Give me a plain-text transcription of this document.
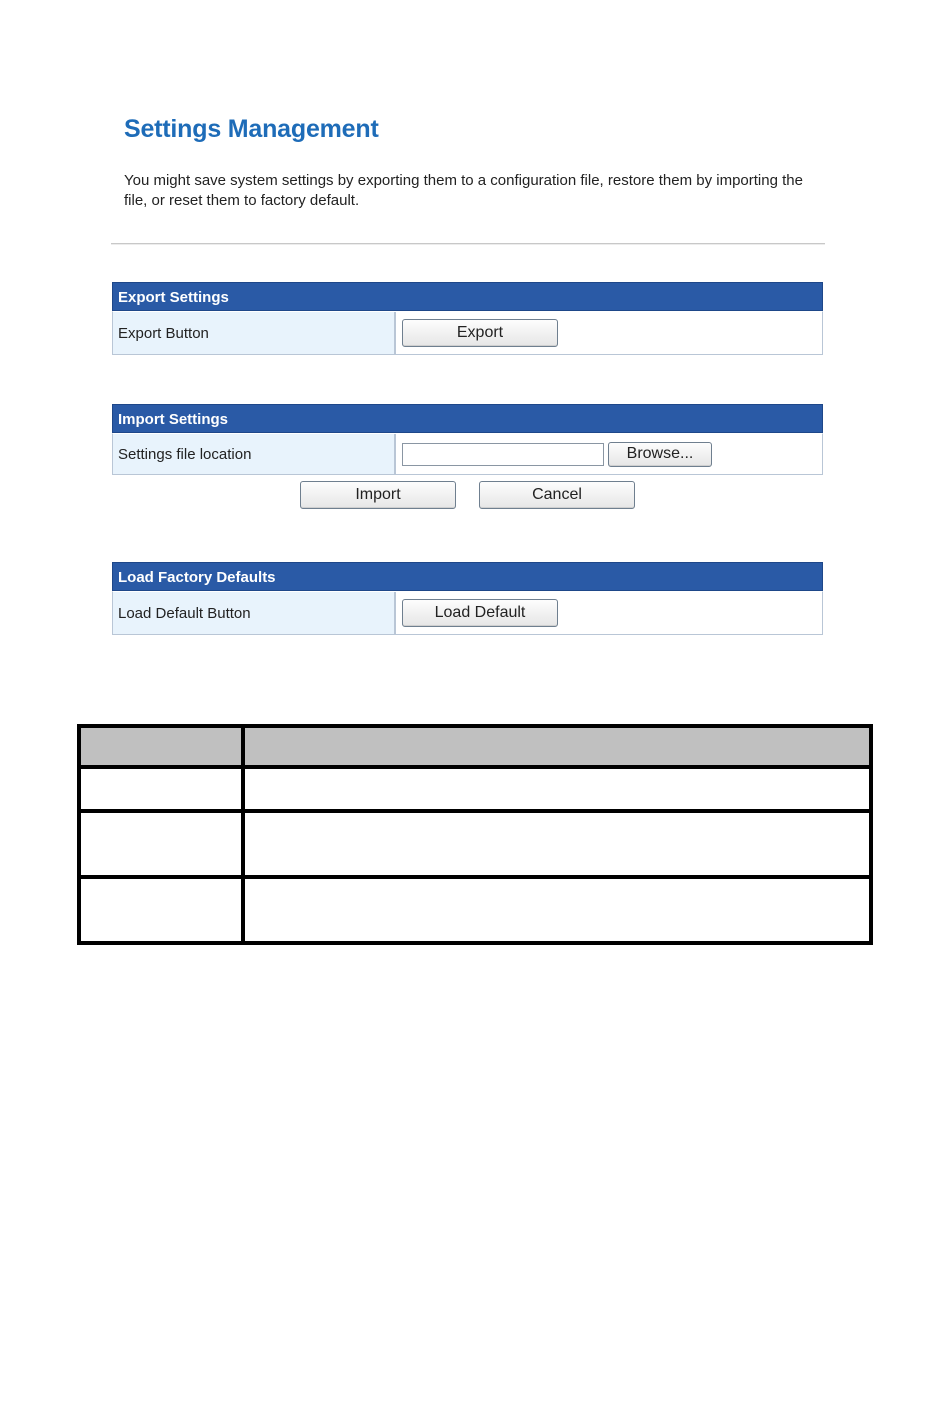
Settings Management
You might save system settings by exporting them to a configuration file, restore them by importing the file, or reset them to factory default.
Export Settings
Export Button	Export
Import Settings
Settings file location	Browse...
Import	Cancel
Load Factory Defaults
Load Default Button	Load Default
